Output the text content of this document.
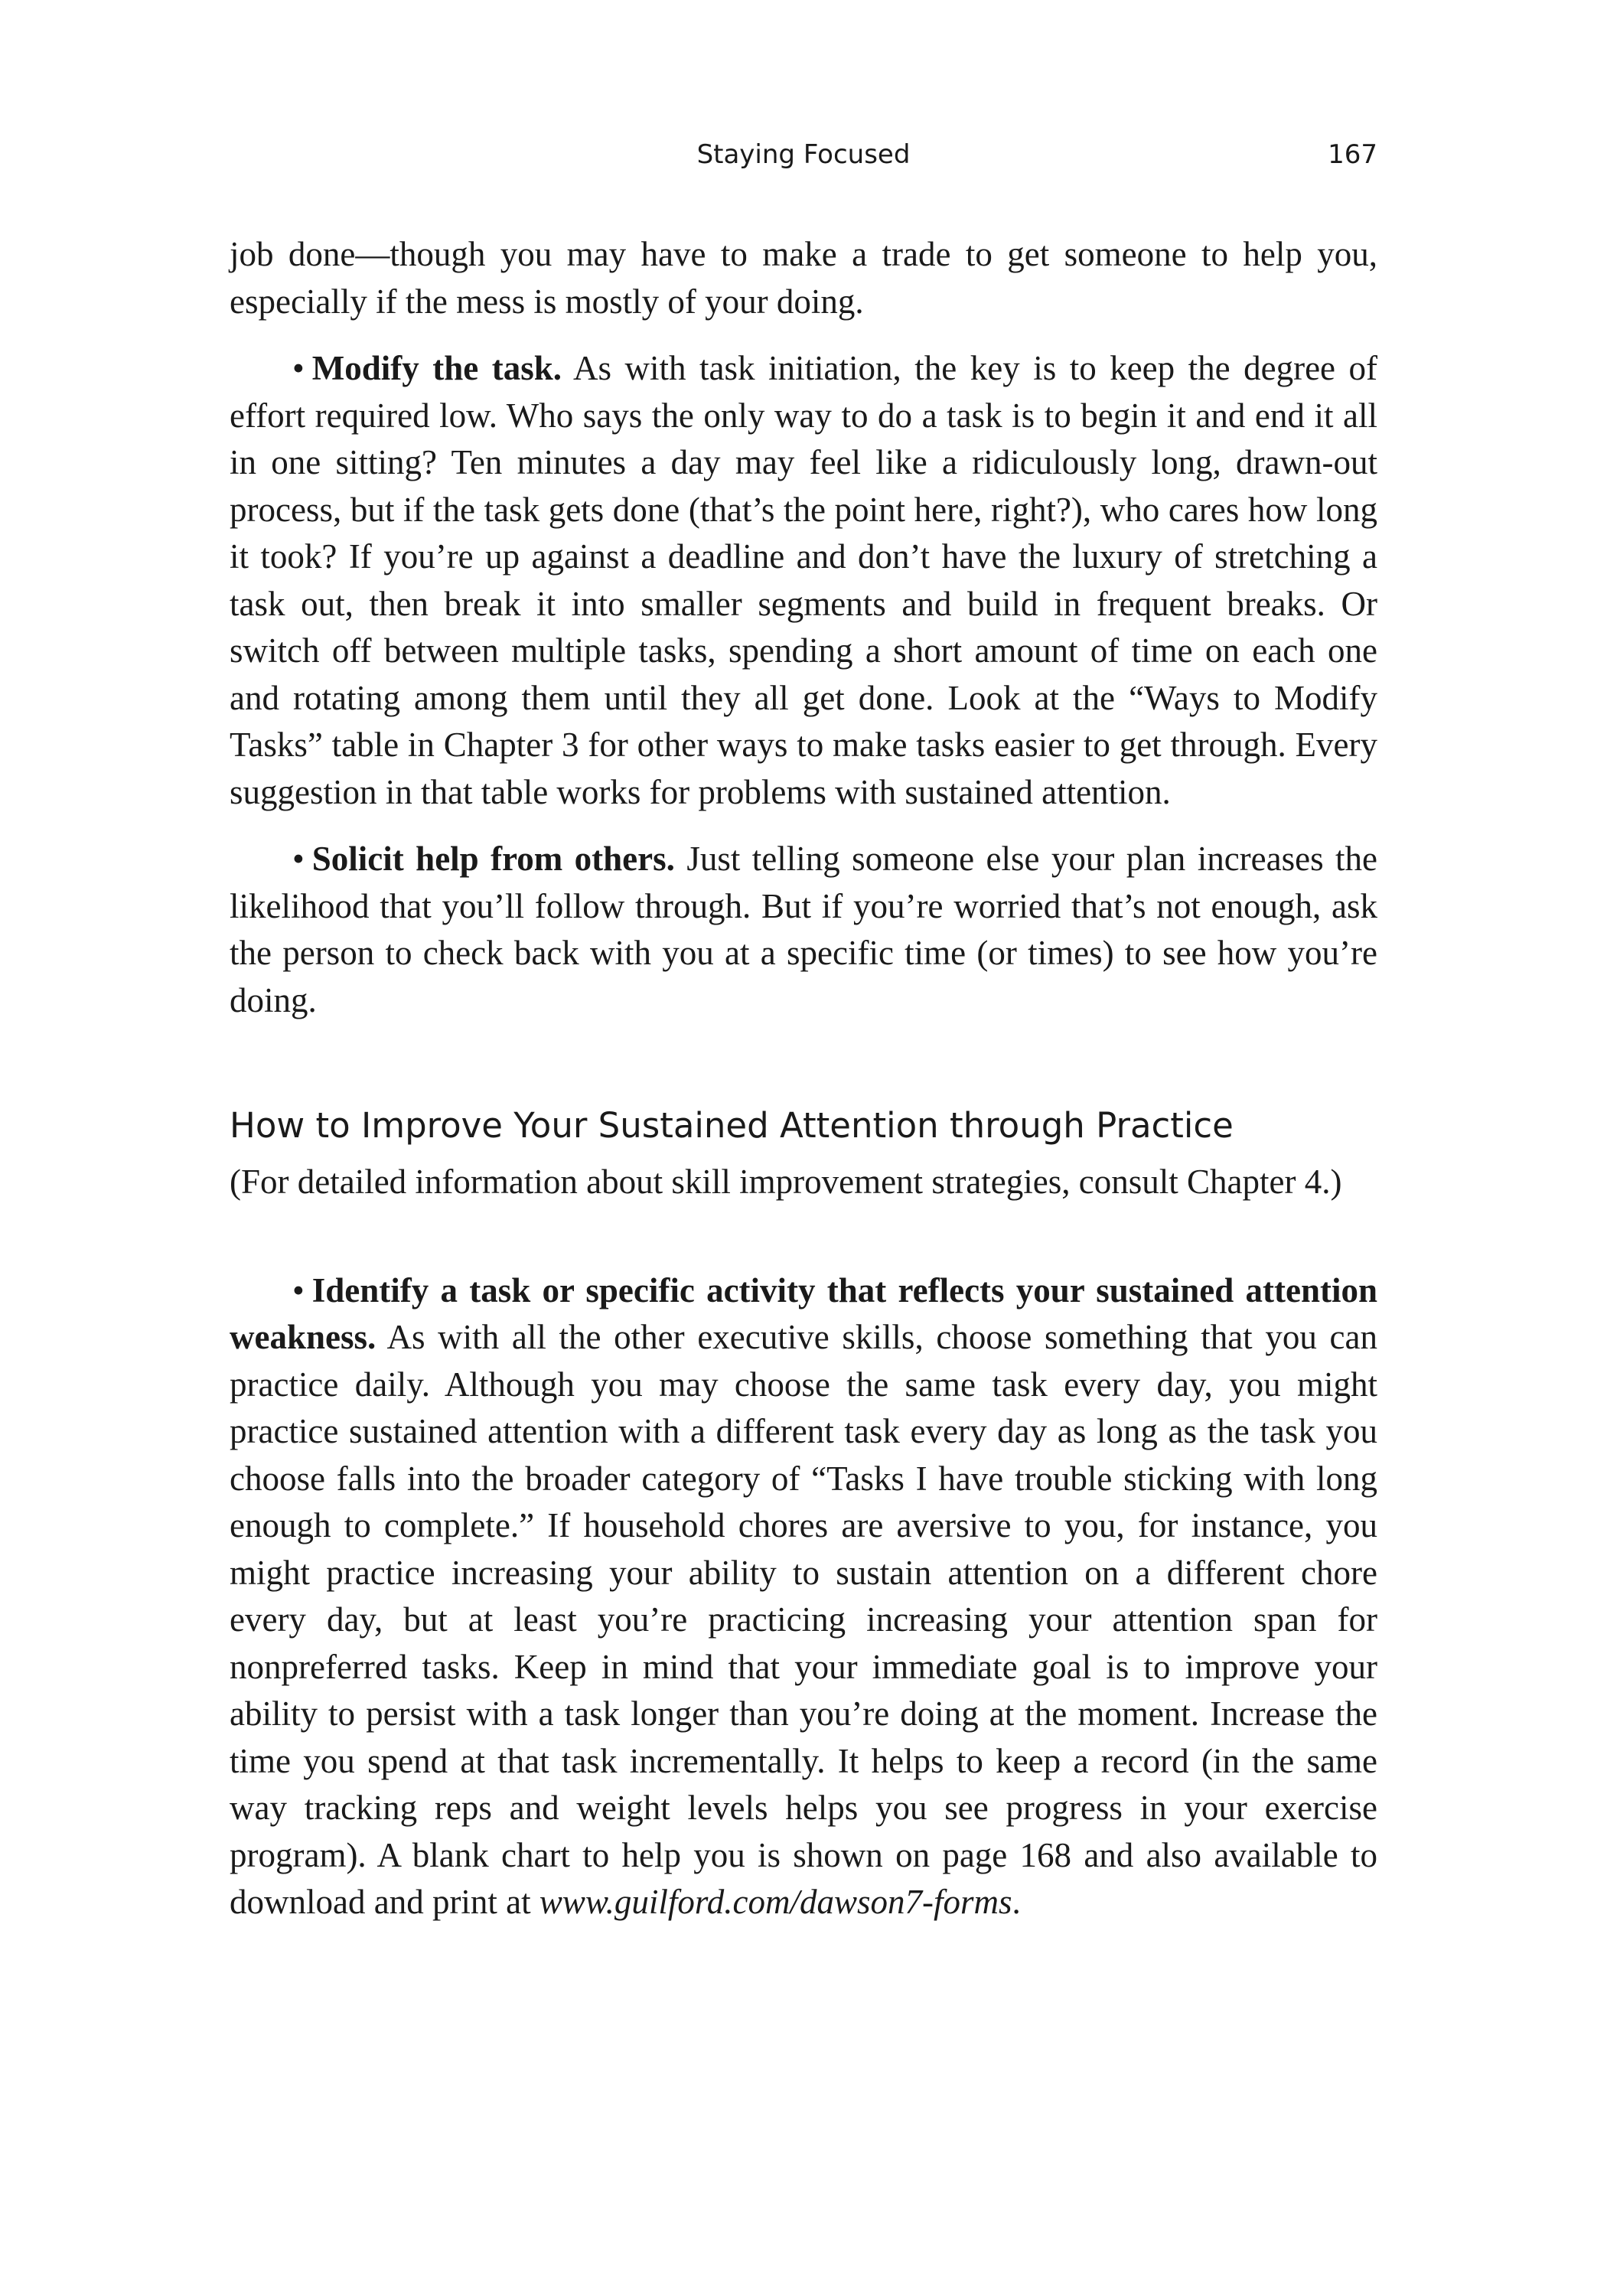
Staying Focused	167

job done—though you may have to make a trade to get someone to help you, especially if the mess is mostly of your doing.

• Modify the task. As with task initiation, the key is to keep the degree of effort required low. Who says the only way to do a task is to begin it and end it all in one sitting? Ten minutes a day may feel like a ridiculously long, drawn-out process, but if the task gets done (that’s the point here, right?), who cares how long it took? If you’re up against a deadline and don’t have the luxury of stretching a task out, then break it into smaller segments and build in frequent breaks. Or switch off between multiple tasks, spending a short amount of time on each one and rotating among them until they all get done. Look at the “Ways to Modify Tasks” table in Chapter 3 for other ways to make tasks easier to get through. Every suggestion in that table works for problems with sustained attention.

• Solicit help from others. Just telling someone else your plan increases the likelihood that you’ll follow through. But if you’re worried that’s not enough, ask the person to check back with you at a specific time (or times) to see how you’re doing.

How to Improve Your Sustained Attention through Practice

(For detailed information about skill improvement strategies, consult Chapter 4.)

• Identify a task or specific activity that reflects your sustained attention weakness. As with all the other executive skills, choose something that you can practice daily. Although you may choose the same task every day, you might practice sustained attention with a different task every day as long as the task you choose falls into the broader category of “Tasks I have trouble sticking with long enough to complete.” If household chores are aversive to you, for instance, you might practice increasing your ability to sustain attention on a different chore every day, but at least you’re practicing increasing your attention span for nonpreferred tasks. Keep in mind that your immediate goal is to improve your ability to persist with a task longer than you’re doing at the moment. Increase the time you spend at that task incrementally. It helps to keep a record (in the same way tracking reps and weight levels helps you see progress in your exercise program). A blank chart to help you is shown on page 168 and also available to download and print at www.guilford.com/dawson7-forms.
